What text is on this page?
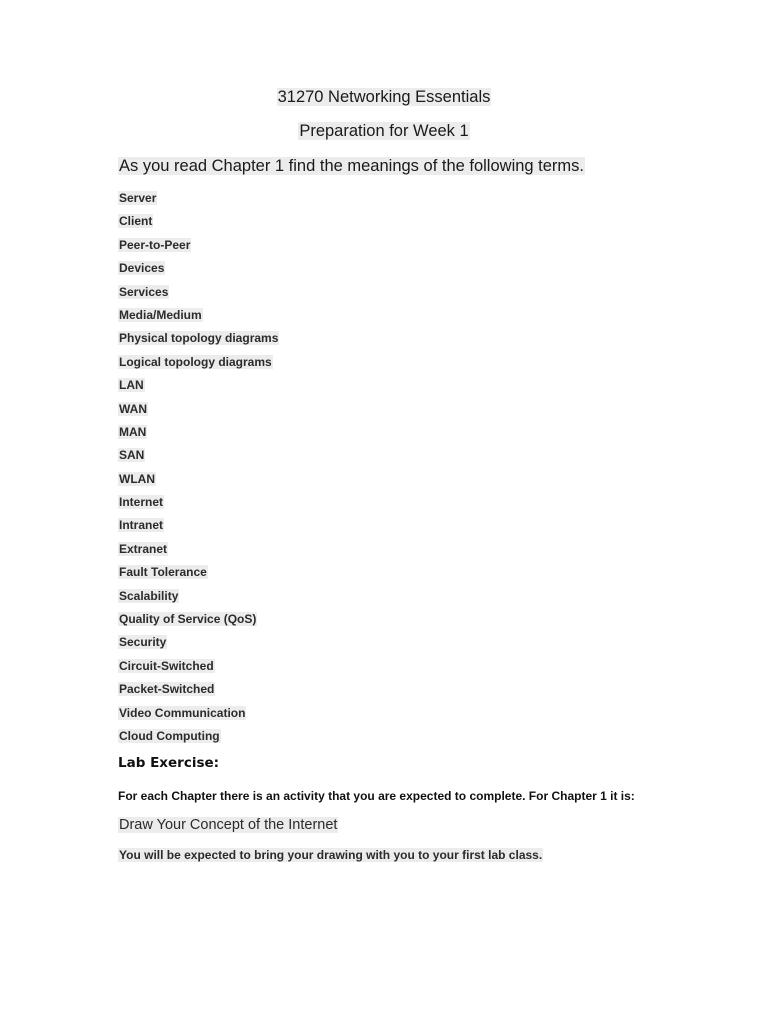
31270 Networking Essentials
Preparation for Week 1
As you read Chapter 1 find the meanings of the following terms.
Server
Client
Peer-to-Peer
Devices
Services
Media/Medium
Physical topology diagrams
Logical topology diagrams
LAN
WAN
MAN
SAN
WLAN
Internet
Intranet
Extranet
Fault Tolerance
Scalability
Quality of Service (QoS)
Security
Circuit-Switched
Packet-Switched
Video Communication
Cloud Computing
Lab Exercise:

For each Chapter there is an activity that you are expected to complete. For Chapter 1 it is:

Draw Your Concept of the Internet

You will be expected to bring your drawing with you to your first lab class.
